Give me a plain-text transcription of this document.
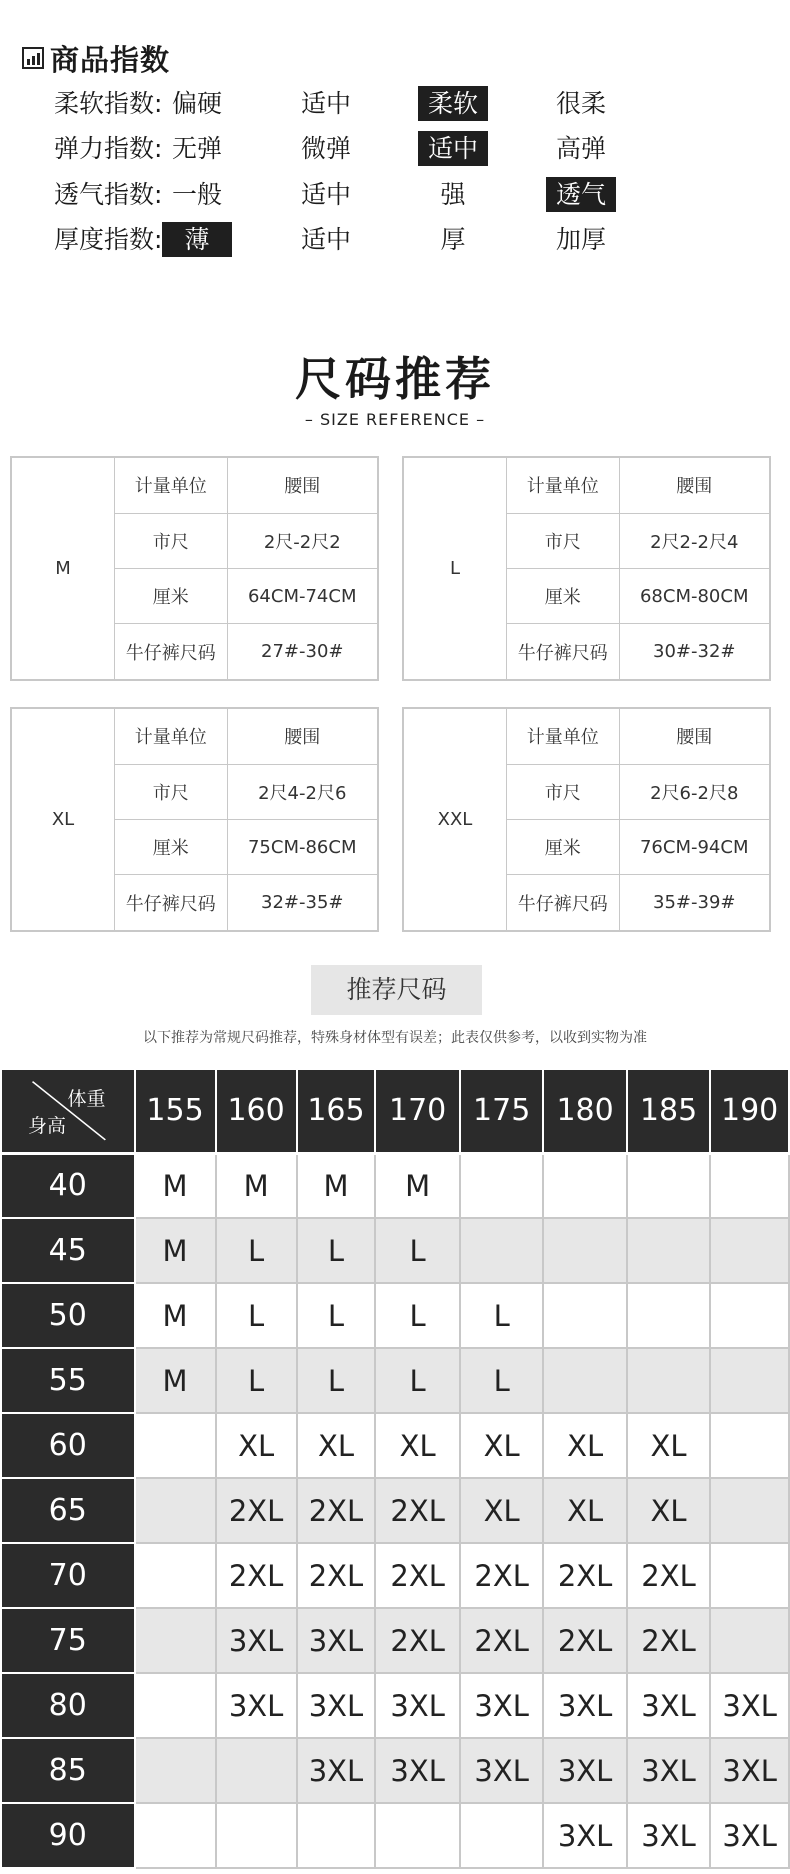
商品指数
柔软指数: 偏硬	适中	柔软	很柔
弹力指数: 无弹	微弹	适中	高弹
透气指数: 一般	适中	强	透气
厚度指数: 薄	适中	厚	加厚
尺码推荐
– SIZE REFERENCE –
M
计量单位	腰围
市尺	2尺-2尺2
厘米	64CM-74CM
牛仔裤尺码	27#-30#
L
计量单位	腰围
市尺	2尺2-2尺4
厘米	68CM-80CM
牛仔裤尺码	30#-32#
XL
计量单位	腰围
市尺	2尺4-2尺6
厘米	75CM-86CM
牛仔裤尺码	32#-35#
XXL
计量单位	腰围
市尺	2尺6-2尺8
厘米	76CM-94CM
牛仔裤尺码	35#-39#
推荐尺码
以下推荐为常规尺码推荐，特殊身材体型有误差；此表仅供参考，以收到实物为准
体重
身高	155	160	165	170	175	180	185	190
40	M	M	M	M				
45	M	L	L	L				
50	M	L	L	L	L			
55	M	L	L	L	L			
60		XL	XL	XL	XL	XL	XL	
65		2XL	2XL	2XL	XL	XL	XL	
70		2XL	2XL	2XL	2XL	2XL	2XL	
75		3XL	3XL	2XL	2XL	2XL	2XL	
80		3XL	3XL	3XL	3XL	3XL	3XL	3XL
85			3XL	3XL	3XL	3XL	3XL	3XL
90						3XL	3XL	3XL
